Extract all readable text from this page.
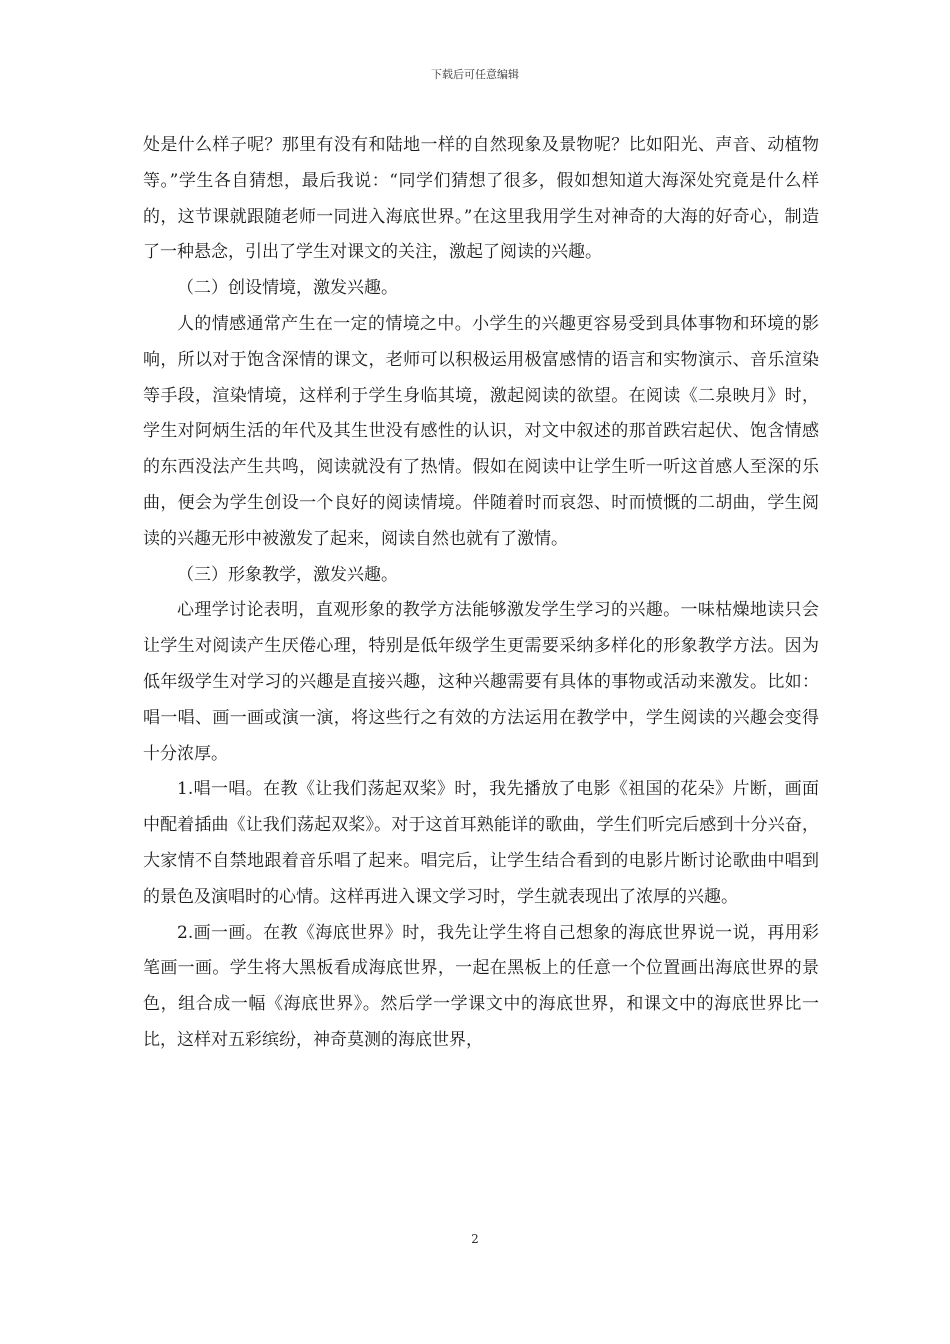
下载后可任意编辑

处是什么样子呢？那里有没有和陆地一样的自然现象及景物呢？比如阳光、声音、动植物等。”学生各自猜想，最后我说：“同学们猜想了很多，假如想知道大海深处究竟是什么样的，这节课就跟随老师一同进入海底世界。”在这里我用学生对神奇的大海的好奇心，制造了一种悬念，引出了学生对课文的关注，激起了阅读的兴趣。

（二）创设情境，激发兴趣。

人的情感通常产生在一定的情境之中。小学生的兴趣更容易受到具体事物和环境的影响，所以对于饱含深情的课文，老师可以积极运用极富感情的语言和实物演示、音乐渲染等手段，渲染情境，这样利于学生身临其境，激起阅读的欲望。在阅读《二泉映月》时，学生对阿炳生活的年代及其生世没有感性的认识，对文中叙述的那首跌宕起伏、饱含情感的东西没法产生共鸣，阅读就没有了热情。假如在阅读中让学生听一听这首感人至深的乐曲，便会为学生创设一个良好的阅读情境。伴随着时而哀怨、时而愤慨的二胡曲，学生阅读的兴趣无形中被激发了起来，阅读自然也就有了激情。

（三）形象教学，激发兴趣。

心理学讨论表明，直观形象的教学方法能够激发学生学习的兴趣。一味枯燥地读只会让学生对阅读产生厌倦心理，特别是低年级学生更需要采纳多样化的形象教学方法。因为低年级学生对学习的兴趣是直接兴趣，这种兴趣需要有具体的事物或活动来激发。比如：唱一唱、画一画或演一演，将这些行之有效的方法运用在教学中，学生阅读的兴趣会变得十分浓厚。

1.唱一唱。在教《让我们荡起双桨》时，我先播放了电影《祖国的花朵》片断，画面中配着插曲《让我们荡起双桨》。对于这首耳熟能详的歌曲，学生们听完后感到十分兴奋，大家情不自禁地跟着音乐唱了起来。唱完后，让学生结合看到的电影片断讨论歌曲中唱到的景色及演唱时的心情。这样再进入课文学习时，学生就表现出了浓厚的兴趣。

2.画一画。在教《海底世界》时，我先让学生将自己想象的海底世界说一说，再用彩笔画一画。学生将大黑板看成海底世界，一起在黑板上的任意一个位置画出海底世界的景色，组合成一幅《海底世界》。然后学一学课文中的海底世界，和课文中的海底世界比一比，这样对五彩缤纷，神奇莫测的海底世界，

2
